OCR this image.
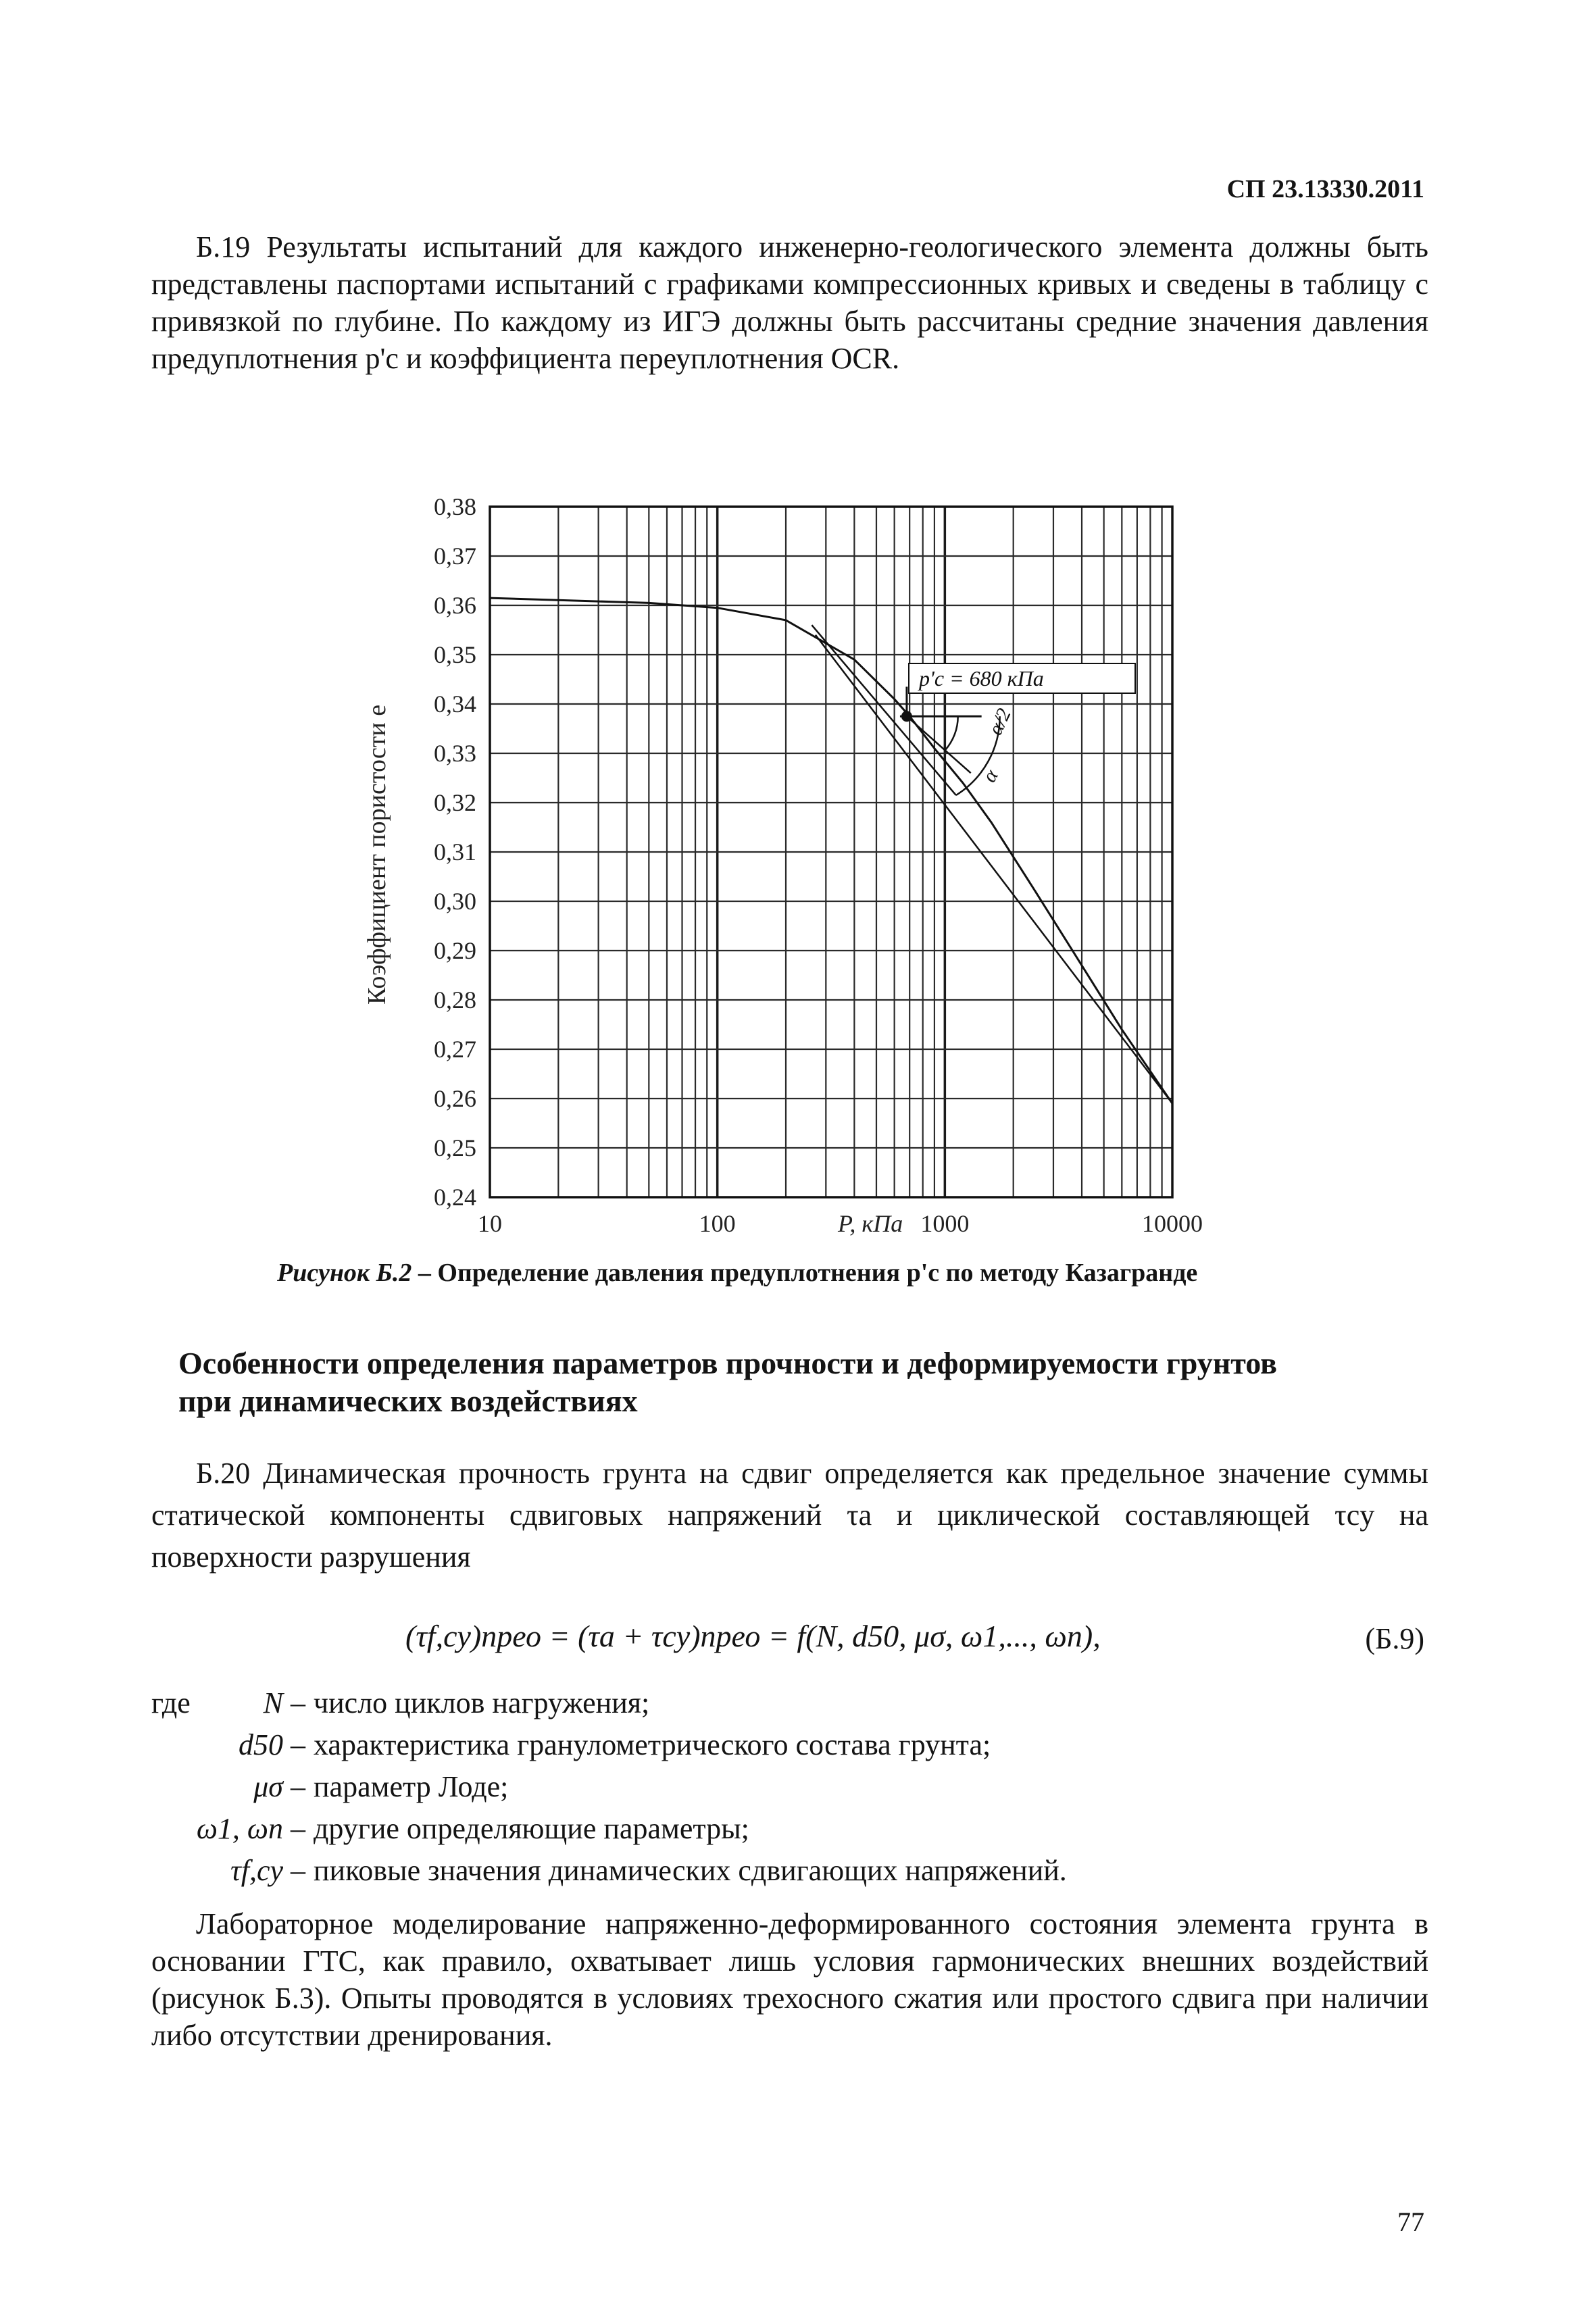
СП 23.13330.2011
Б.19 Результаты испытаний для каждого инженерно-геологического элемента должны быть представлены паспортами испытаний с графиками компрессионных кривых и сведены в таблицу с привязкой по глубине. По каждому из ИГЭ должны быть рассчитаны средние значения давления предуплотнения p'c и коэффициента переуплотнения OCR.
0,38
0,37
0,36
0,35
0,34
0,33
0,32
0,31
0,30
0,29
0,28
0,27
0,26
0,25
0,24
10	100	1000	10000
Коэффициент пористости e
P, кПа
α
α/2
p'c = 680 кПа
Рисунок Б.2 – Определение давления предуплотнения p'c по методу Казагранде
Особенности определения параметров прочности и деформируемости грунтов при динамических воздействиях
Б.20 Динамическая прочность грунта на сдвиг определяется как предельное значение суммы статической компоненты сдвиговых напряжений τa и циклической составляющей τcy на поверхности разрушения
(τf,cy)прео = (τa + τcy)прео = f(N, d50, μσ, ω1,..., ωn),	(Б.9)
где	N – число циклов нагружения;
d50 – характеристика гранулометрического состава грунта;
μσ – параметр Лоде;
ω1, ωn – другие определяющие параметры;
τf,cy – пиковые значения динамических сдвигающих напряжений.
Лабораторное моделирование напряженно-деформированного состояния элемента грунта в основании ГТС, как правило, охватывает лишь условия гармонических внешних воздействий (рисунок Б.3). Опыты проводятся в условиях трехосного сжатия или простого сдвига при наличии либо отсутствии дренирования.
77
